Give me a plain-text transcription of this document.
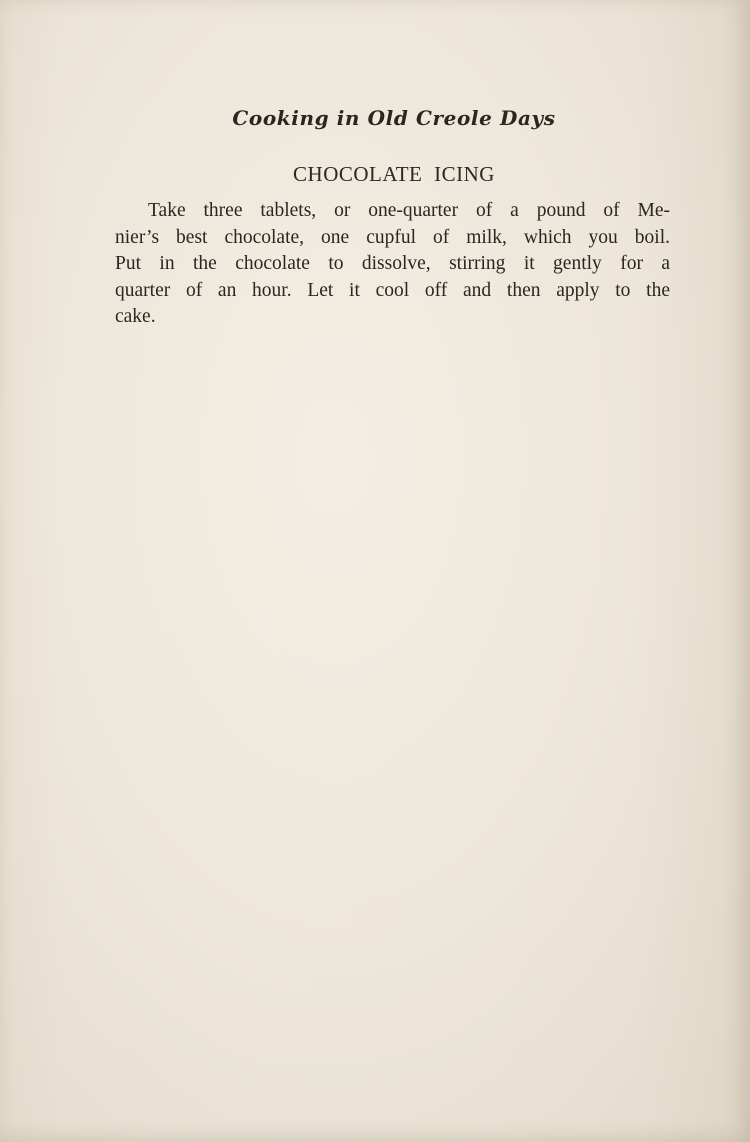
Cooking in Old Creole Days
CHOCOLATE ICING

Take three tablets, or one-quarter of a pound of Me-
nier’s best chocolate, one cupful of milk, which you boil.
Put in the chocolate to dissolve, stirring it gently for a
quarter of an hour. Let it cool off and then apply to the
cake.
